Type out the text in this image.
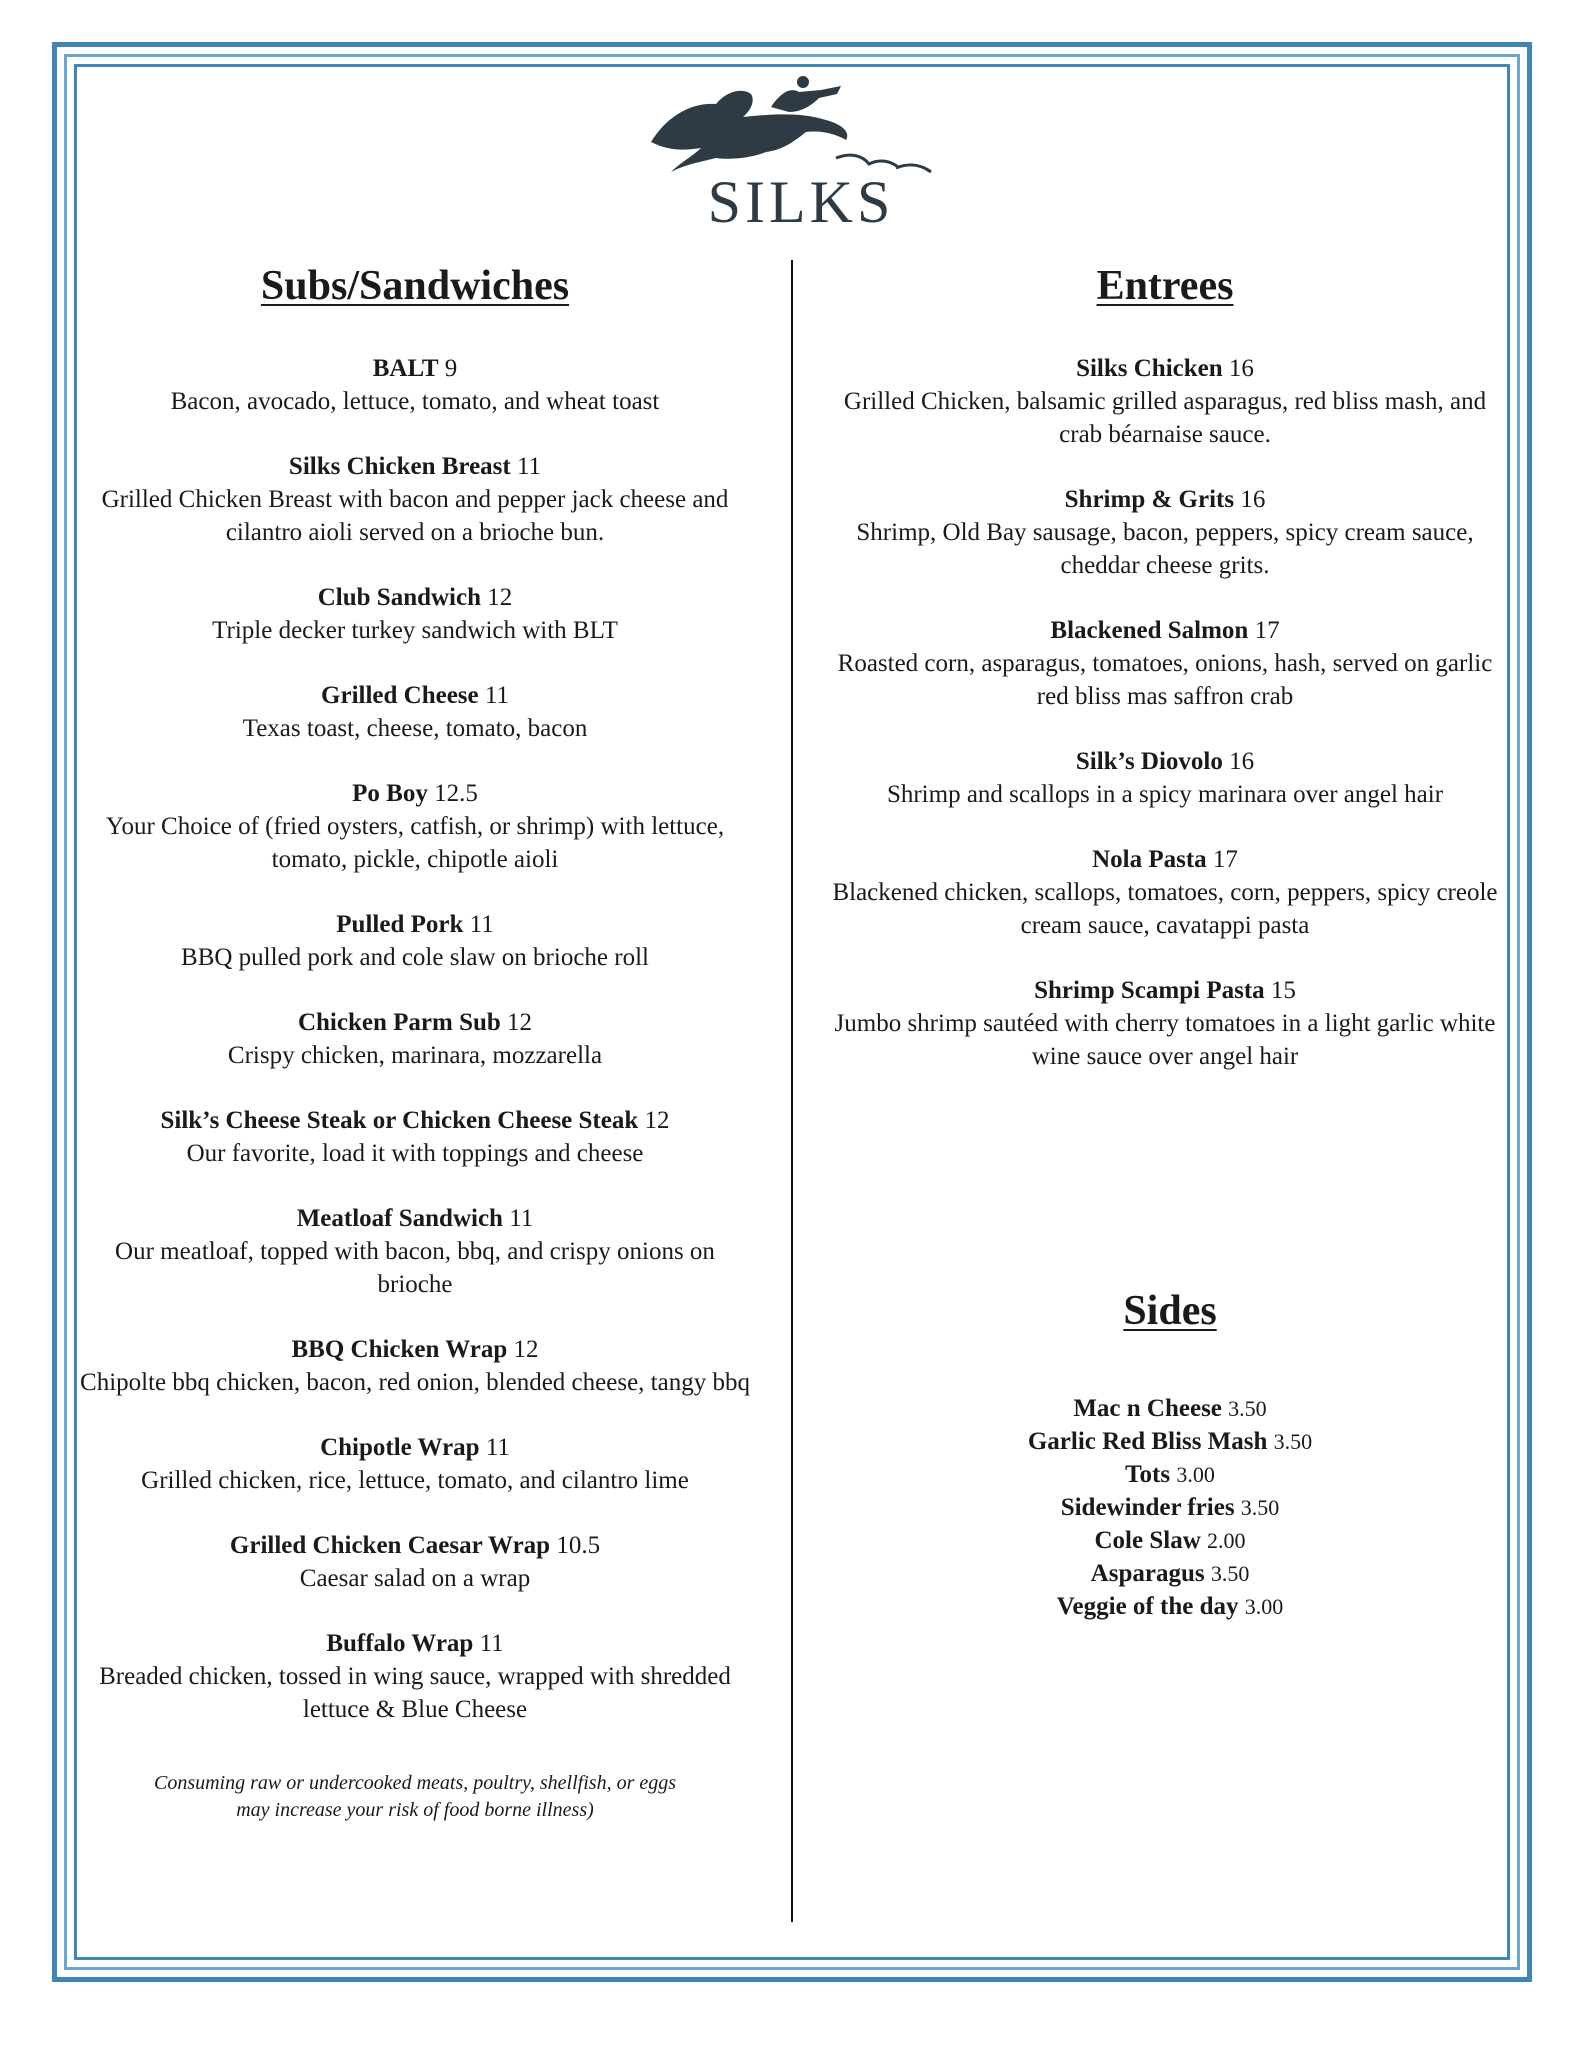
SILKS
Subs/Sandwiches
BALT 9
Bacon, avocado, lettuce, tomato, and wheat toast
Silks Chicken Breast 11
Grilled Chicken Breast with bacon and pepper jack cheese and cilantro aioli served on a brioche bun.
Club Sandwich 12
Triple decker turkey sandwich with BLT
Grilled Cheese 11
Texas toast, cheese, tomato, bacon
Po Boy 12.5
Your Choice of (fried oysters, catfish, or shrimp) with lettuce, tomato, pickle, chipotle aioli
Pulled Pork 11
BBQ pulled pork and cole slaw on brioche roll
Chicken Parm Sub 12
Crispy chicken, marinara, mozzarella
Silk’s Cheese Steak or Chicken Cheese Steak 12
Our favorite, load it with toppings and cheese
Meatloaf Sandwich 11
Our meatloaf, topped with bacon, bbq, and crispy onions on brioche
BBQ Chicken Wrap 12
Chipolte bbq chicken, bacon, red onion, blended cheese, tangy bbq
Chipotle Wrap 11
Grilled chicken, rice, lettuce, tomato, and cilantro lime
Grilled Chicken Caesar Wrap 10.5
Caesar salad on a wrap
Buffalo Wrap 11
Breaded chicken, tossed in wing sauce, wrapped with shredded lettuce & Blue Cheese
Consuming raw or undercooked meats, poultry, shellfish, or eggs
may increase your risk of food borne illness)
Entrees
Silks Chicken 16
Grilled Chicken, balsamic grilled asparagus, red bliss mash, and crab béarnaise sauce.
Shrimp & Grits 16
Shrimp, Old Bay sausage, bacon, peppers, spicy cream sauce, cheddar cheese grits.
Blackened Salmon 17
Roasted corn, asparagus, tomatoes, onions, hash, served on garlic red bliss mas saffron crab
Silk’s Diovolo 16
Shrimp and scallops in a spicy marinara over angel hair
Nola Pasta 17
Blackened chicken, scallops, tomatoes, corn, peppers, spicy creole cream sauce, cavatappi pasta
Shrimp Scampi Pasta 15
Jumbo shrimp sautéed with cherry tomatoes in a light garlic white wine sauce over angel hair
Sides
Mac n Cheese 3.50
Garlic Red Bliss Mash 3.50
Tots 3.00
Sidewinder fries 3.50
Cole Slaw 2.00
Asparagus 3.50
Veggie of the day 3.00
